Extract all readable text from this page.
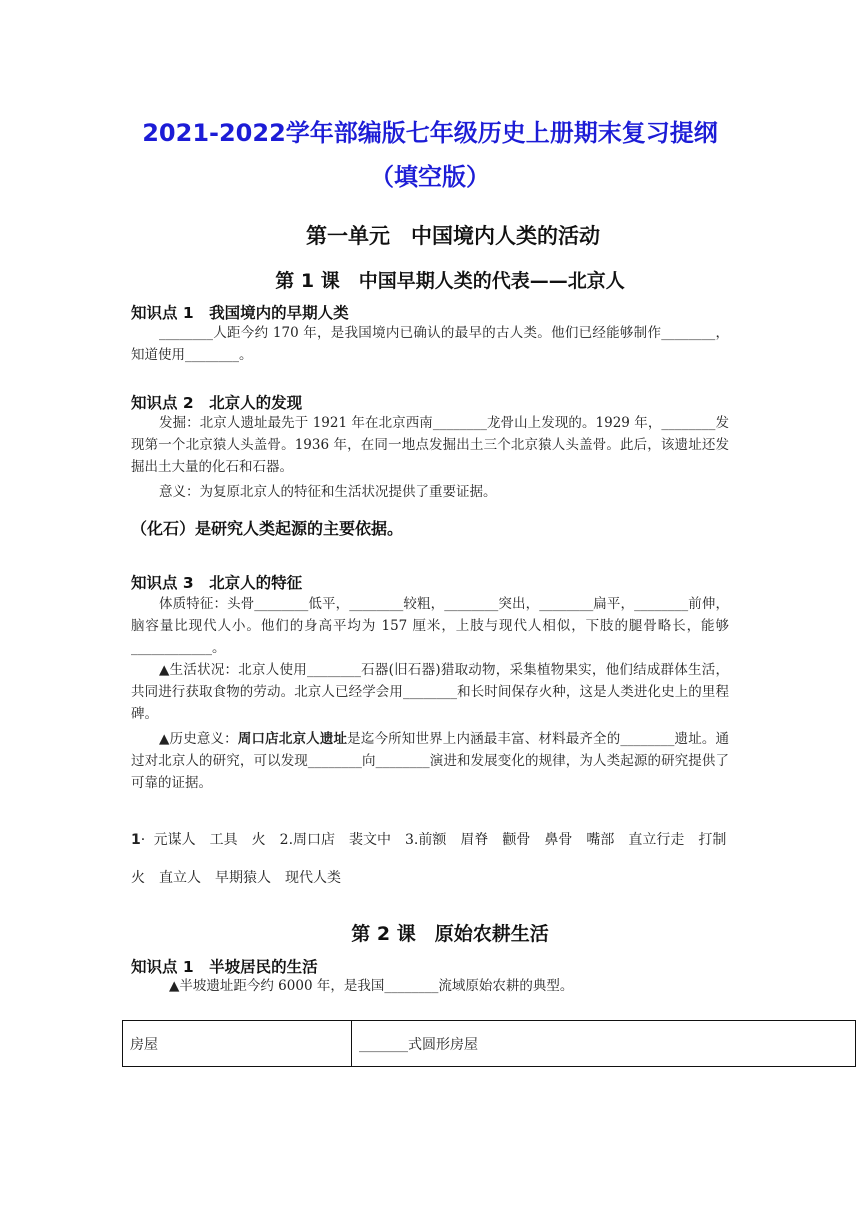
2021-2022学年部编版七年级历史上册期末复习提纲
（填空版）
第一单元　中国境内人类的活动
第 1 课　中国早期人类的代表——北京人

知识点 1　我国境内的早期人类

________人距今约 170 年，是我国境内已确认的最早的古人类。他们已经能够制作________，知道使用________。

知识点 2　北京人的发现

发掘：北京人遗址最先于 1921 年在北京西南________龙骨山上发现的。1929 年，________发现第一个北京猿人头盖骨。1936 年，在同一地点发掘出土三个北京猿人头盖骨。此后，该遗址还发掘出土大量的化石和石器。

意义：为复原北京人的特征和生活状况提供了重要证据。

（化石）是研究人类起源的主要依据。

知识点 3　北京人的特征

体质特征：头骨________低平，________较粗，________突出，________扁平，________前伸，脑容量比现代人小。他们的身高平均为 157 厘米，上肢与现代人相似，下肢的腿骨略长，能够____________。

▲生活状况：北京人使用________石器(旧石器)猎取动物，采集植物果实，他们结成群体生活，共同进行获取食物的劳动。北京人已经学会用________和长时间保存火种，这是人类进化史上的里程碑。

▲历史意义：周口店北京人遗址是迄今所知世界上内涵最丰富、材料最齐全的________遗址。通过对北京人的研究，可以发现________向________演进和发展变化的规律，为人类起源的研究提供了可靠的证据。

1· 元谋人　工具　火　2.周口店　裴文中　3.前额　眉脊　颧骨　鼻骨　嘴部　直立行走　打制　火　直立人　早期猿人　现代人类

第 2 课　原始农耕生活

知识点 1　半坡居民的生活

▲半坡遗址距今约 6000 年，是我国________流域原始农耕的典型。

房屋	_______式圆形房屋
